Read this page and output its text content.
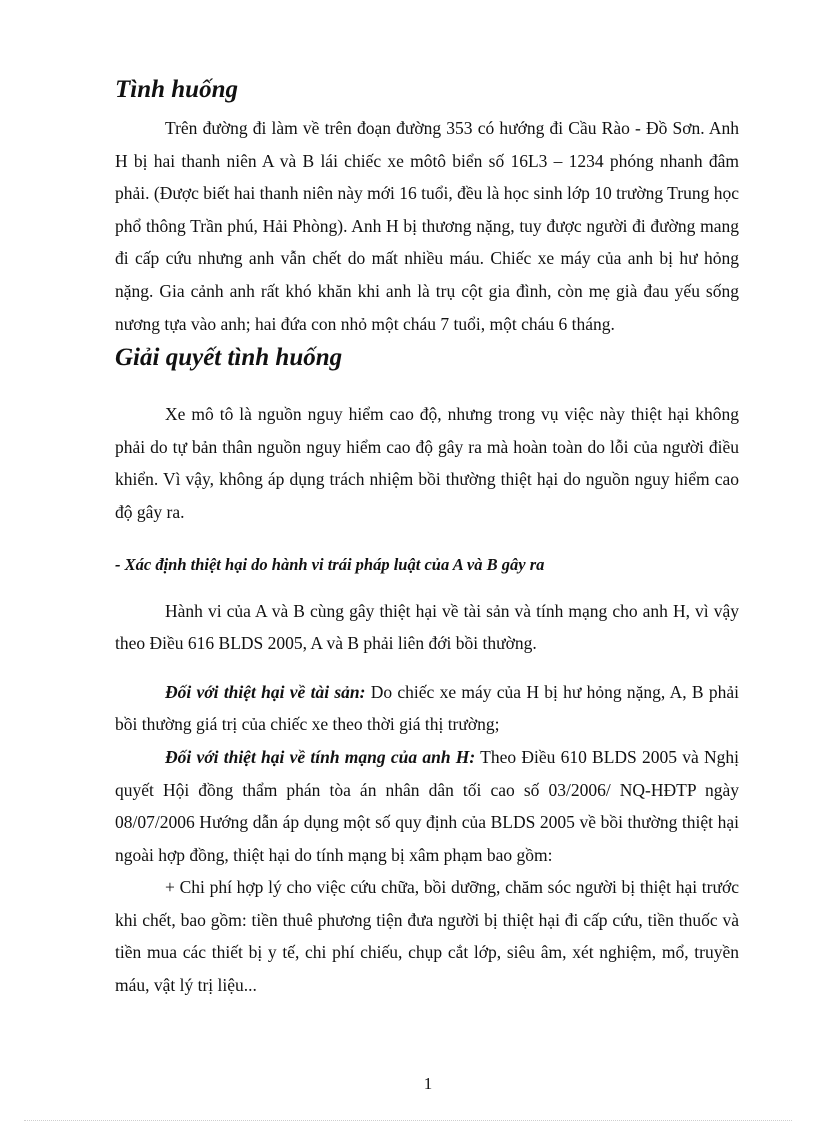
Tình huống

Trên đường đi làm về trên đoạn đường 353 có hướng đi Cầu Rào - Đồ Sơn. Anh H bị hai thanh niên A và B lái chiếc xe môtô biển số 16L3 – 1234 phóng nhanh đâm phải. (Được biết hai thanh niên này mới 16 tuổi, đều là học sinh lớp 10 trường Trung học phổ thông Trần phú, Hải Phòng). Anh H bị thương nặng, tuy được người đi đường mang đi cấp cứu nhưng anh vẫn chết do mất nhiều máu. Chiếc xe máy của anh bị hư hỏng nặng. Gia cảnh anh rất khó khăn khi anh là trụ cột gia đình, còn mẹ già đau yếu sống nương tựa vào anh; hai đứa con nhỏ một cháu 7 tuổi, một cháu 6 tháng.

Giải quyết tình huống

Xe mô tô là nguồn nguy hiểm cao độ, nhưng trong vụ việc này thiệt hại không phải do tự bản thân nguồn nguy hiểm cao độ gây ra mà hoàn toàn do lỗi của người điều khiển. Vì vậy, không áp dụng trách nhiệm bồi thường thiệt hại do nguồn nguy hiểm cao độ gây ra.

- Xác định thiệt hại do hành vi trái pháp luật của A và B gây ra

Hành vi của A và B cùng gây thiệt hại về tài sản và tính mạng cho anh H, vì vậy theo Điều 616 BLDS 2005, A và B phải liên đới bồi thường.

Đối với thiệt hại về tài sản: Do chiếc xe máy của H bị hư hỏng nặng, A, B phải bồi thường giá trị của chiếc xe theo thời giá thị trường;

Đối với thiệt hại về tính mạng của anh H: Theo Điều 610 BLDS 2005 và Nghị quyết Hội đồng thẩm phán tòa án nhân dân tối cao số 03/2006/ NQ-HĐTP ngày 08/07/2006 Hướng dẫn áp dụng một số quy định của BLDS 2005 về bồi thường thiệt hại ngoài hợp đồng, thiệt hại do tính mạng bị xâm phạm bao gồm:

+ Chi phí hợp lý cho việc cứu chữa, bồi dưỡng, chăm sóc người bị thiệt hại trước khi chết, bao gồm: tiền thuê phương tiện đưa người bị thiệt hại đi cấp cứu, tiền thuốc và tiền mua các thiết bị y tế, chi phí chiếu, chụp cắt lớp, siêu âm, xét nghiệm, mổ, truyền máu, vật lý trị liệu...

1
